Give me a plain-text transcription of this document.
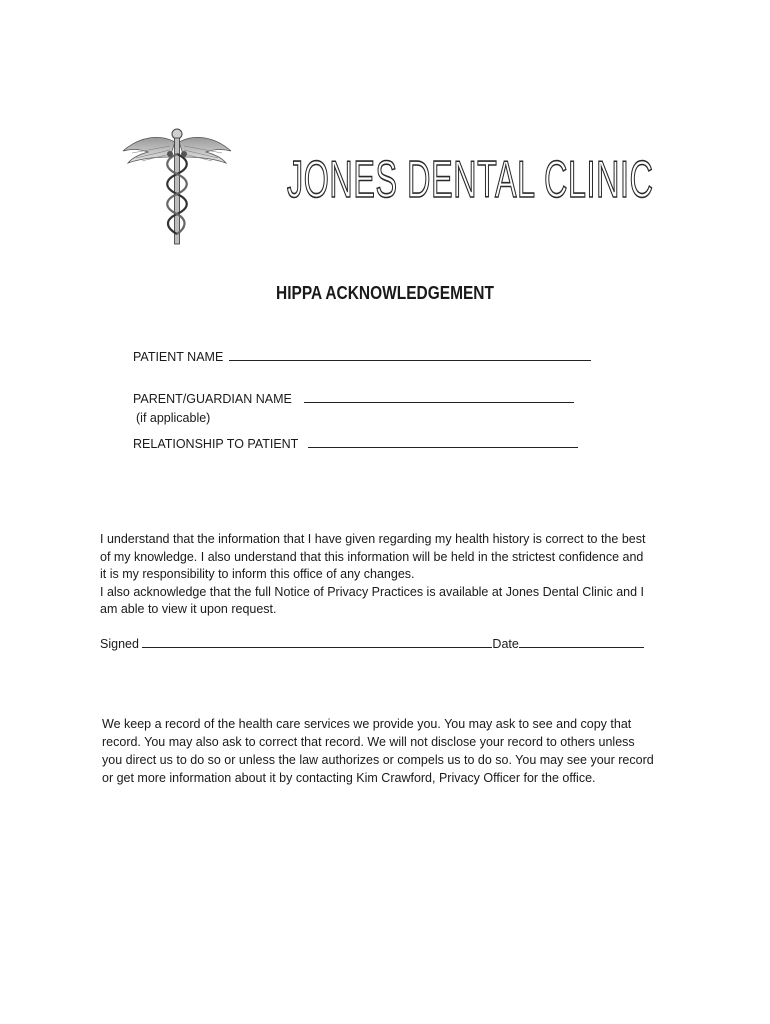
JONES DENTAL CLINIC
HIPPA ACKNOWLEDGEMENT
PATIENT NAME
PARENT/GUARDIAN NAME
(if applicable)
RELATIONSHIP TO PATIENT
I understand that the information that I have given regarding my health history is correct to the best
of my knowledge. I also understand that this information will be held in the strictest confidence and
it is my responsibility to inform this office of any changes.
I also acknowledge that the full Notice of Privacy Practices is available at Jones Dental Clinic and I
am able to view it upon request.
Signed	Date
We keep a record of the health care services we provide you. You may ask to see and copy that
record. You may also ask to correct that record. We will not disclose your record to others unless
you direct us to do so or unless the law authorizes or compels us to do so. You may see your record
or get more information about it by contacting Kim Crawford, Privacy Officer for the office.
